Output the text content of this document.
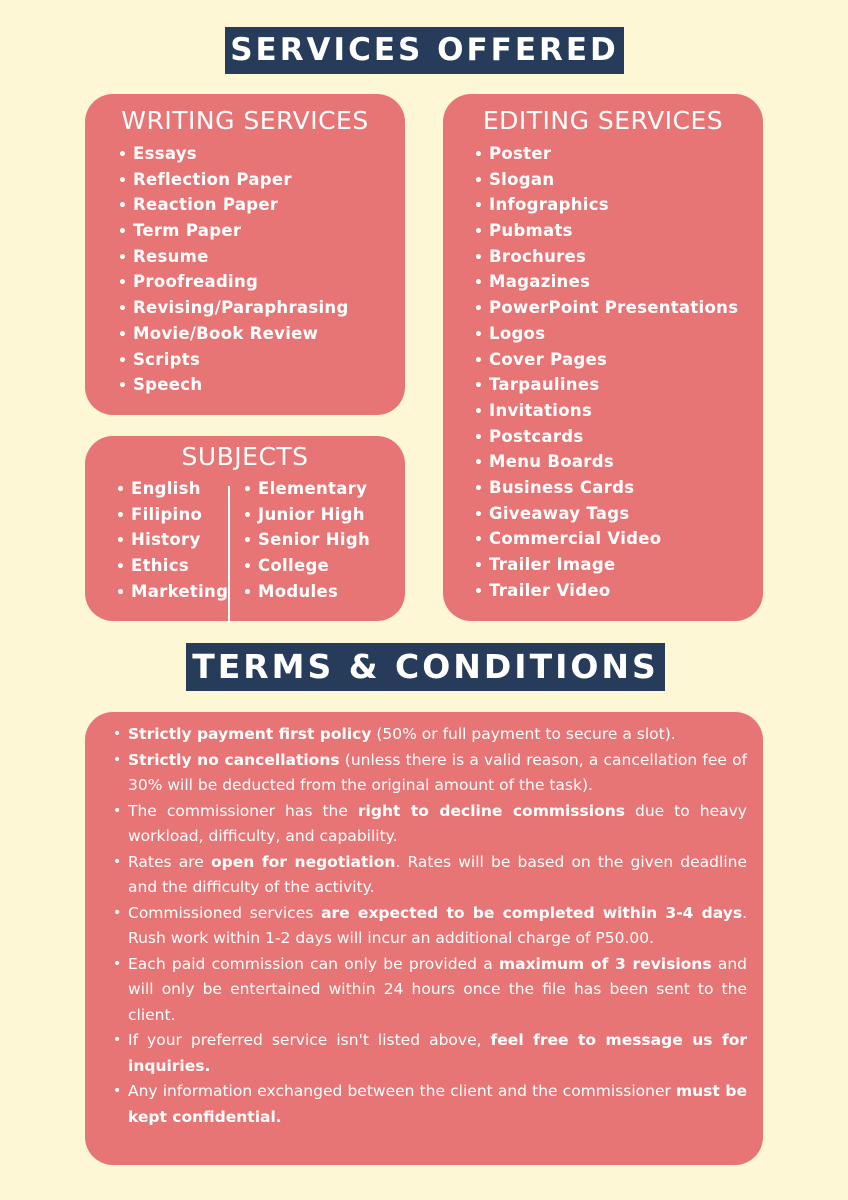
SERVICES OFFERED
WRITING SERVICES
• Essays
• Reflection Paper
• Reaction Paper
• Term Paper
• Resume
• Proofreading
• Revising/Paraphrasing
• Movie/Book Review
• Scripts
• Speech
EDITING SERVICES
• Poster
• Slogan
• Infographics
• Pubmats
• Brochures
• Magazines
• PowerPoint Presentations
• Logos
• Cover Pages
• Tarpaulines
• Invitations
• Postcards
• Menu Boards
• Business Cards
• Giveaway Tags
• Commercial Video
• Trailer Image
• Trailer Video
SUBJECTS
• English
• Filipino
• History
• Ethics
• Marketing
• Elementary
• Junior High
• Senior High
• College
• Modules
TERMS & CONDITIONS
• Strictly payment first policy (50% or full payment to secure a slot).
• Strictly no cancellations (unless there is a valid reason, a cancellation fee of 30% will be deducted from the original amount of the task).
• The commissioner has the right to decline commissions due to heavy workload, difficulty, and capability.
• Rates are open for negotiation. Rates will be based on the given deadline and the difficulty of the activity.
• Commissioned services are expected to be completed within 3-4 days. Rush work within 1-2 days will incur an additional charge of P50.00.
• Each paid commission can only be provided a maximum of 3 revisions and will only be entertained within 24 hours once the file has been sent to the client.
• If your preferred service isn't listed above, feel free to message us for inquiries.
• Any information exchanged between the client and the commissioner must be kept confidential.
